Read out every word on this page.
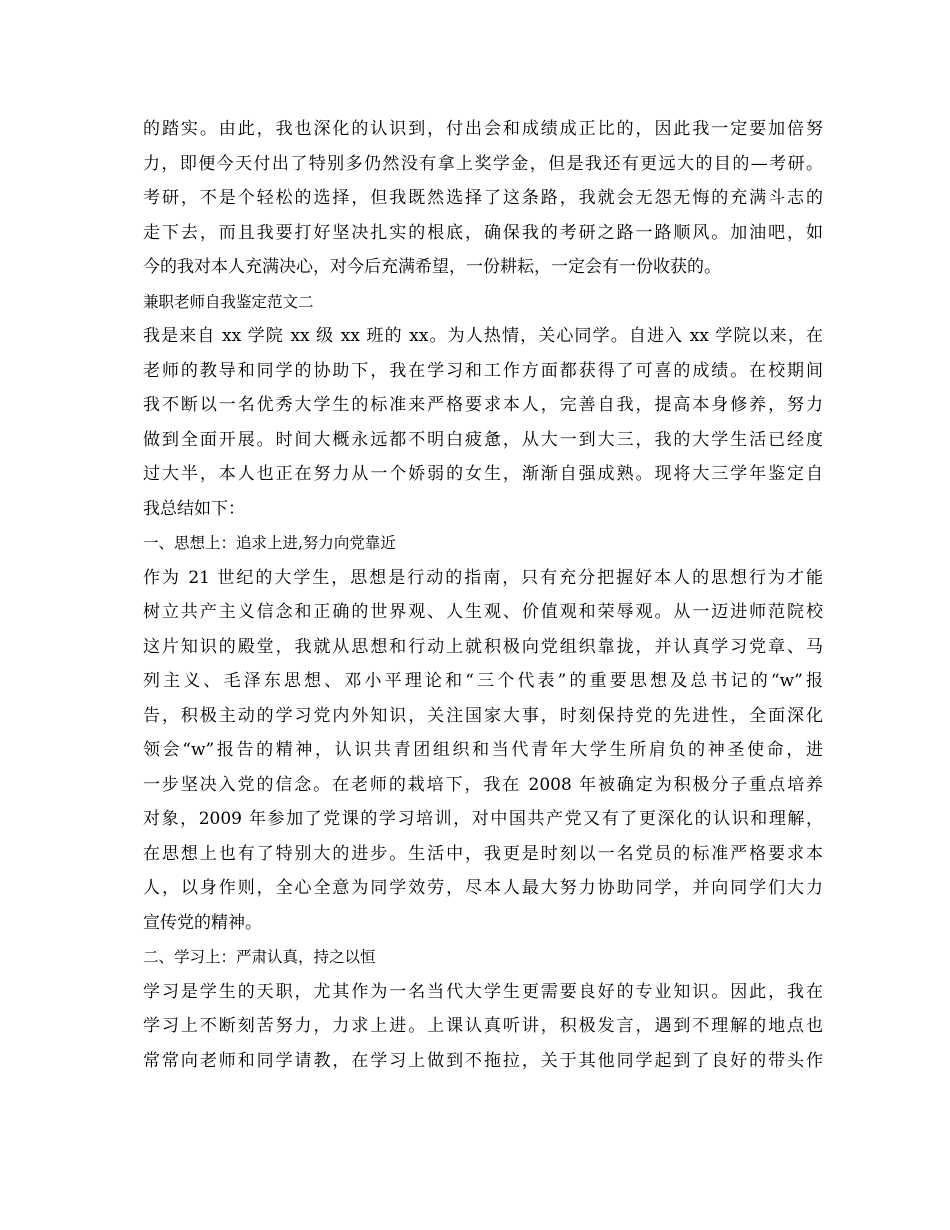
的踏实。由此，我也深化的认识到，付出会和成绩成正比的，因此我一定要加倍努
力，即便今天付出了特别多仍然没有拿上奖学金，但是我还有更远大的目的—考研。
考研，不是个轻松的选择，但我既然选择了这条路，我就会无怨无悔的充满斗志的
走下去，而且我要打好坚决扎实的根底，确保我的考研之路一路顺风。加油吧，如
今的我对本人充满决心，对今后充满希望，一份耕耘，一定会有一份收获的。
兼职老师自我鉴定范文二
我是来自 xx 学院 xx 级 xx 班的 xx。为人热情，关心同学。自进入 xx 学院以来，在
老师的教导和同学的协助下，我在学习和工作方面都获得了可喜的成绩。在校期间
我不断以一名优秀大学生的标准来严格要求本人，完善自我，提高本身修养，努力
做到全面开展。时间大概永远都不明白疲惫，从大一到大三，我的大学生活已经度
过大半，本人也正在努力从一个娇弱的女生，渐渐自强成熟。现将大三学年鉴定自
我总结如下：
一、思想上：追求上进,努力向党靠近
作为 21 世纪的大学生，思想是行动的指南，只有充分把握好本人的思想行为才能
树立共产主义信念和正确的世界观、人生观、价值观和荣辱观。从一迈进师范院校
这片知识的殿堂，我就从思想和行动上就积极向党组织靠拢，并认真学习党章、马
列主义、毛泽东思想、邓小平理论和“三个代表”的重要思想及总书记的“w”报
告，积极主动的学习党内外知识，关注国家大事，时刻保持党的先进性，全面深化
领会“w”报告的精神，认识共青团组织和当代青年大学生所肩负的神圣使命，进
一步坚决入党的信念。在老师的栽培下，我在 2008 年被确定为积极分子重点培养
对象，2009 年参加了党课的学习培训，对中国共产党又有了更深化的认识和理解，
在思想上也有了特别大的进步。生活中，我更是时刻以一名党员的标准严格要求本
人，以身作则，全心全意为同学效劳，尽本人最大努力协助同学，并向同学们大力
宣传党的精神。
二、学习上：严肃认真，持之以恒
学习是学生的天职，尤其作为一名当代大学生更需要良好的专业知识。因此，我在
学习上不断刻苦努力，力求上进。上课认真听讲，积极发言，遇到不理解的地点也
常常向老师和同学请教，在学习上做到不拖拉，关于其他同学起到了良好的带头作
